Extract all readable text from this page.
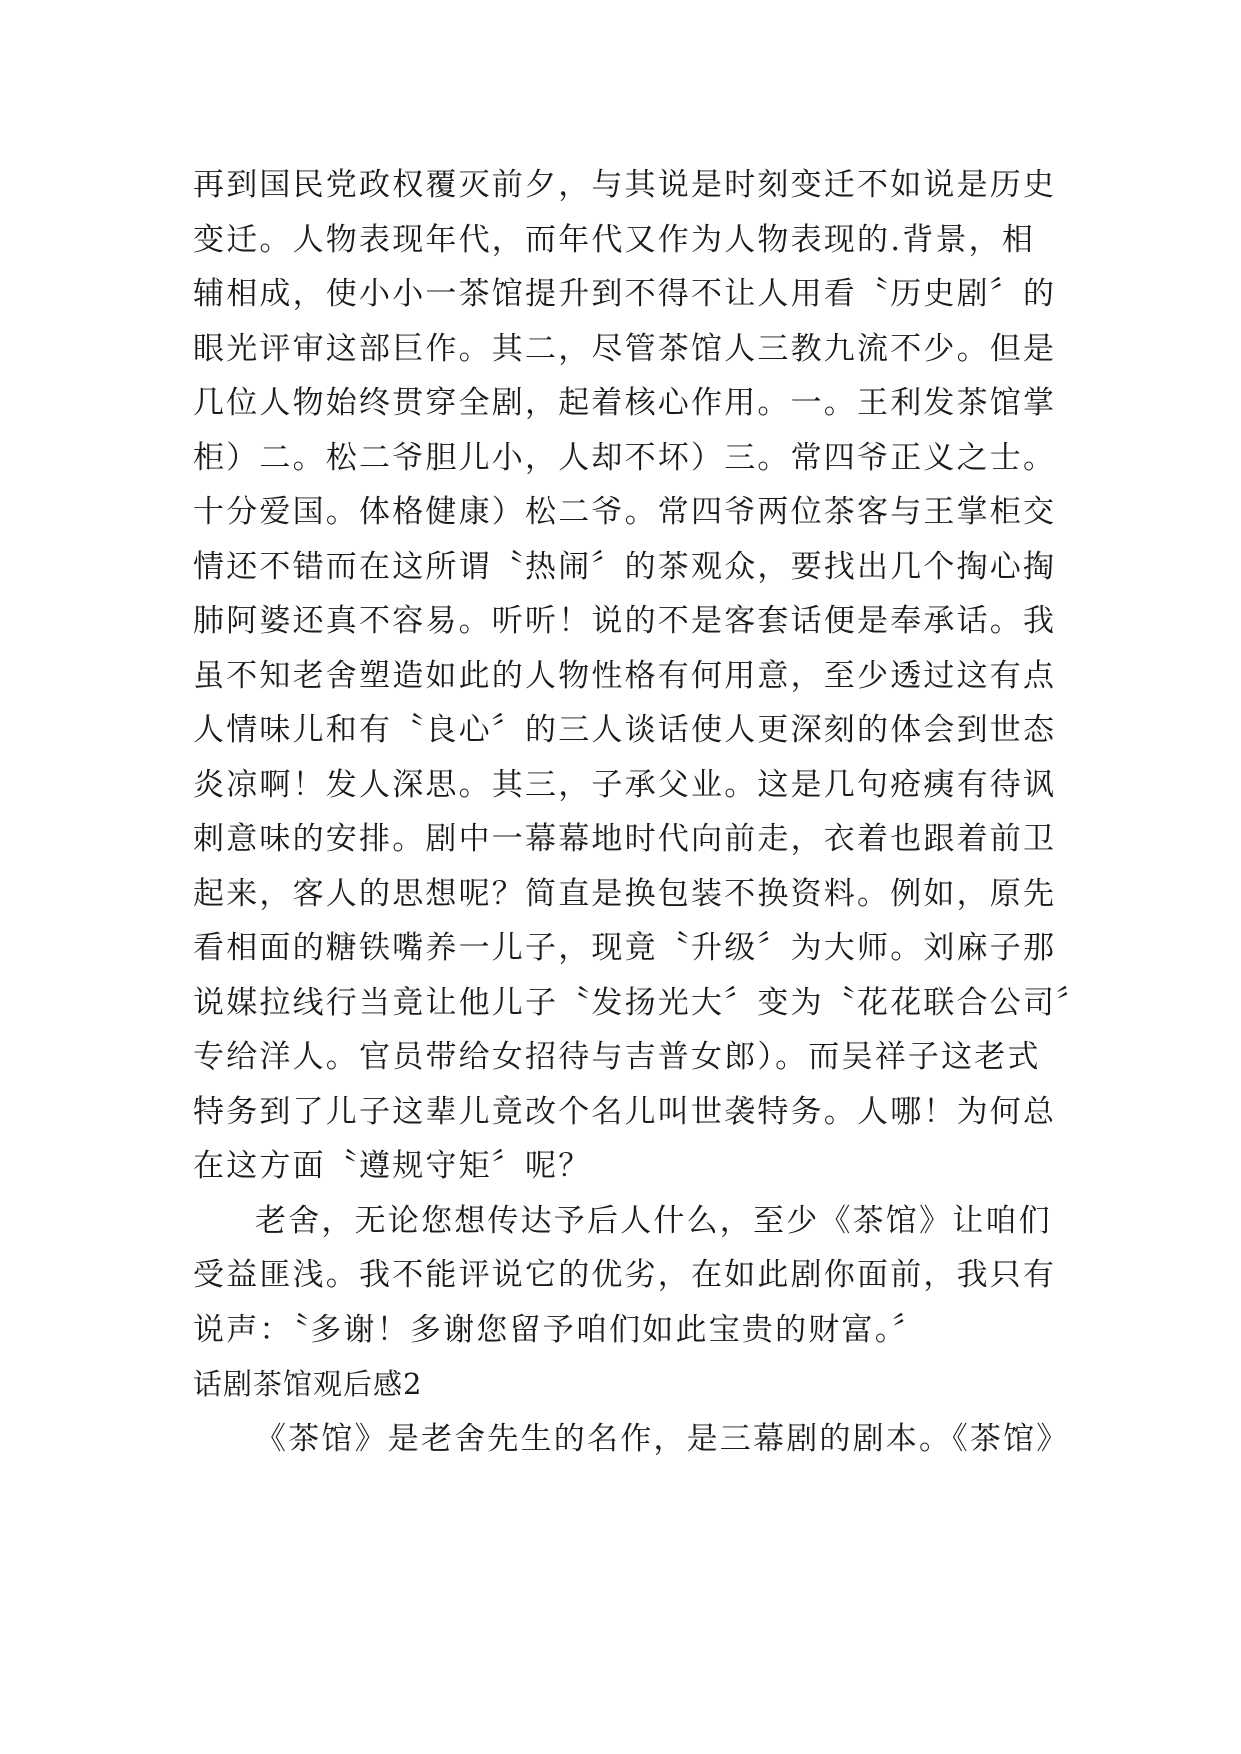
再到国民党政权覆灭前夕，与其说是时刻变迁不如说是历史
变迁。人物表现年代，而年代又作为人物表现的.背景，相
辅相成，使小小一茶馆提升到不得不让人用看〝历史剧〞的
眼光评审这部巨作。其二，尽管茶馆人三教九流不少。但是
几位人物始终贯穿全剧，起着核心作用。一。王利发茶馆掌
柜）二。松二爷胆儿小，人却不坏）三。常四爷正义之士。
十分爱国。体格健康）松二爷。常四爷两位茶客与王掌柜交
情还不错而在这所谓〝热闹〞的茶观众，要找出几个掏心掏
肺阿婆还真不容易。听听！说的不是客套话便是奉承话。我
虽不知老舍塑造如此的人物性格有何用意，至少透过这有点
人情味儿和有〝良心〞的三人谈话使人更深刻的体会到世态
炎凉啊！发人深思。其三，子承父业。这是几句疮痍有待讽
刺意味的安排。剧中一幕幕地时代向前走，衣着也跟着前卫
起来，客人的思想呢？简直是换包装不换资料。例如，原先
看相面的糖铁嘴养一儿子，现竟〝升级〞为大师。刘麻子那
说媒拉线行当竟让他儿子〝发扬光大〞变为〝花花联合公司〞
专给洋人。官员带给女招待与吉普女郎）。而吴祥子这老式
特务到了儿子这辈儿竟改个名儿叫世袭特务。人哪！为何总
在这方面〝遵规守矩〞呢？
老舍，无论您想传达予后人什么，至少《茶馆》让咱们
受益匪浅。我不能评说它的优劣，在如此剧你面前，我只有
说声：〝多谢！多谢您留予咱们如此宝贵的财富。〞
话剧茶馆观后感2
《茶馆》是老舍先生的名作，是三幕剧的剧本。《茶馆》
